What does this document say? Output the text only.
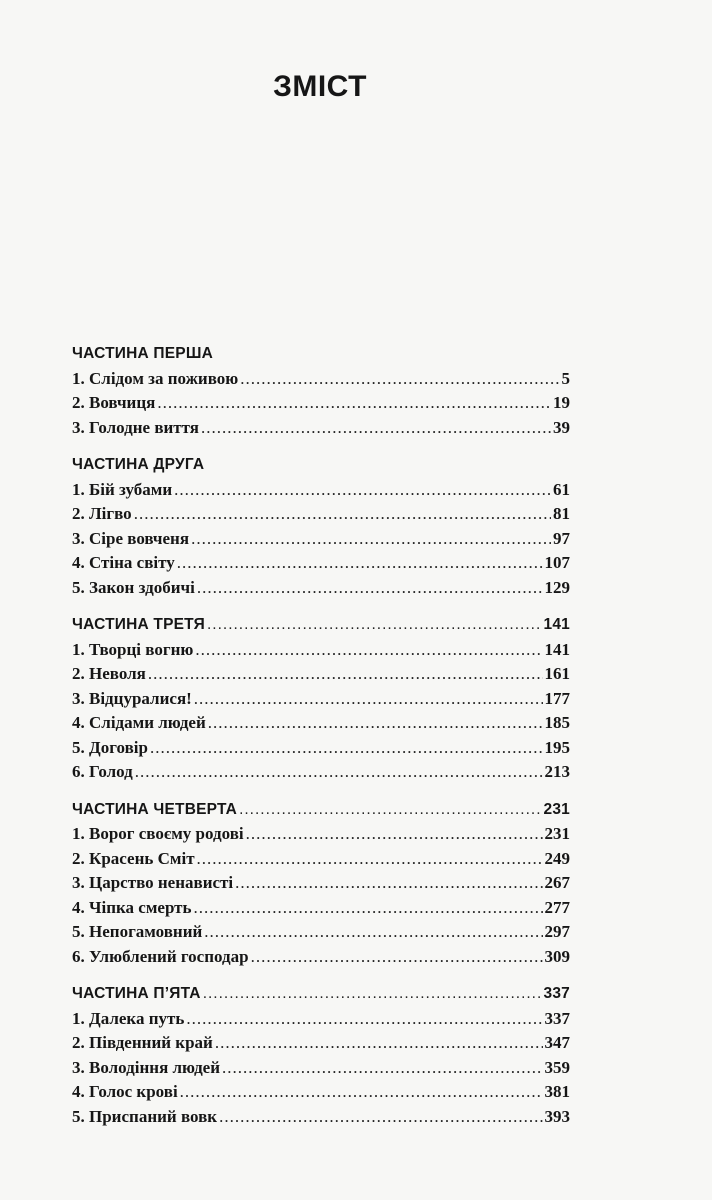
ЗМІСТ
ЧАСТИНА ПЕРША
1. Слідом за поживою .....	5
2. Вовчиця .....	19
3. Голодне виття .....	39
ЧАСТИНА ДРУГА
1. Бій зубами .....	61
2. Лігво .....	81
3. Сіре вовченя .....	97
4. Стіна світу .....	107
5. Закон здобичі .....	129
ЧАСТИНА ТРЕТЯ .....	141
1. Творці вогню .....	141
2. Неволя .....	161
3. Відцуралися! .....	177
4. Слідами людей .....	185
5. Договір .....	195
6. Голод .....	213
ЧАСТИНА ЧЕТВЕРТА .....	231
1. Ворог своєму родові .....	231
2. Красень Сміт .....	249
3. Царство ненависті .....	267
4. Чіпка смерть .....	277
5. Непогамовний .....	297
6. Улюблений господар .....	309
ЧАСТИНА П’ЯТА .....	337
1. Далека путь .....	337
2. Південний край .....	347
3. Володіння людей .....	359
4. Голос крові .....	381
5. Приспаний вовк .....	393
